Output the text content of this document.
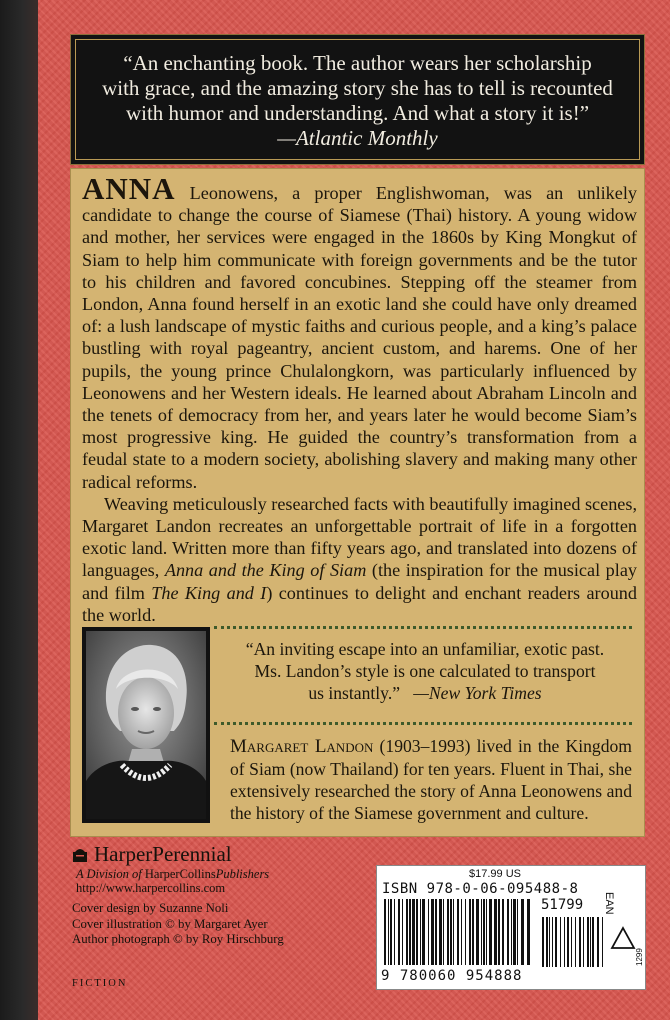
“An enchanting book. The author wears her scholarship
with grace, and the amazing story she has to tell is recounted
with humor and understanding. And what a story it is!”
—Atlantic Monthly

ANNA Leonowens, a proper Englishwoman, was an unlikely candidate to change the course of Siamese (Thai) history. A young widow and mother, her services were engaged in the 1860s by King Mongkut of Siam to help him communicate with foreign governments and be the tutor to his children and favored concubines. Stepping off the steamer from London, Anna found herself in an exotic land she could have only dreamed of: a lush landscape of mystic faiths and curious people, and a king’s palace bustling with royal pageantry, ancient custom, and harems. One of her pupils, the young prince Chulalongkorn, was particularly influenced by Leonowens and her Western ideals. He learned about Abraham Lincoln and the tenets of democracy from her, and years later he would become Siam’s most progressive king. He guided the country’s transformation from a feudal state to a modern society, abolishing slavery and making many other radical reforms.

Weaving meticulously researched facts with beautifully imagined scenes, Margaret Landon recreates an unforgettable portrait of life in a forgotten exotic land. Written more than fifty years ago, and translated into dozens of languages, Anna and the King of Siam (the inspiration for the musical play and film The King and I) continues to delight and enchant readers around the world.

“An inviting escape into an unfamiliar, exotic past.
Ms. Landon’s style is one calculated to transport
us instantly.” —New York Times
Margaret Landon (1903–1993) lived in the Kingdom of Siam (now Thailand) for ten years. Fluent in Thai, she extensively researched the story of Anna Leonowens and the history of the Siamese government and culture.
HarperPerennial
A Division of HarperCollinsPublishers
http://www.harpercollins.com
Cover design by Suzanne Noli
Cover illustration © by Margaret Ayer
Author photograph © by Roy Hirschburg
FICTION
$17.99 US
ISBN 978-0-06-095488-8
EAN
51799
9 780060 954888
1299
